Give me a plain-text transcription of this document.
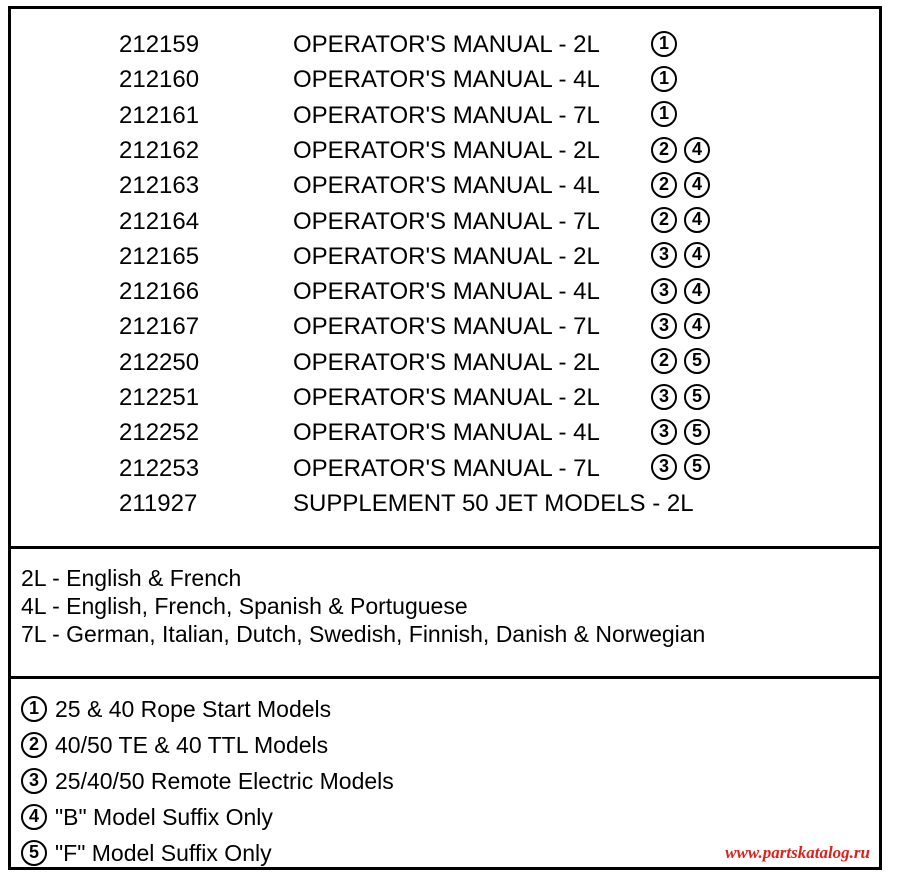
212159	OPERATOR'S MANUAL - 2L	1
212160	OPERATOR'S MANUAL - 4L	1
212161	OPERATOR'S MANUAL - 7L	1
212162	OPERATOR'S MANUAL - 2L	2 4
212163	OPERATOR'S MANUAL - 4L	2 4
212164	OPERATOR'S MANUAL - 7L	2 4
212165	OPERATOR'S MANUAL - 2L	3 4
212166	OPERATOR'S MANUAL - 4L	3 4
212167	OPERATOR'S MANUAL - 7L	3 4
212250	OPERATOR'S MANUAL - 2L	2 5
212251	OPERATOR'S MANUAL - 2L	3 5
212252	OPERATOR'S MANUAL - 4L	3 5
212253	OPERATOR'S MANUAL - 7L	3 5
211927	SUPPLEMENT 50 JET MODELS - 2L
2L - English & French
4L - English, French, Spanish & Portuguese
7L - German, Italian, Dutch, Swedish, Finnish, Danish & Norwegian
1 25 & 40 Rope Start Models
2 40/50 TE & 40 TTL Models
3 25/40/50 Remote Electric Models
4 "B" Model Suffix Only
5 "F" Model Suffix Only	www.partskatalog.ru
